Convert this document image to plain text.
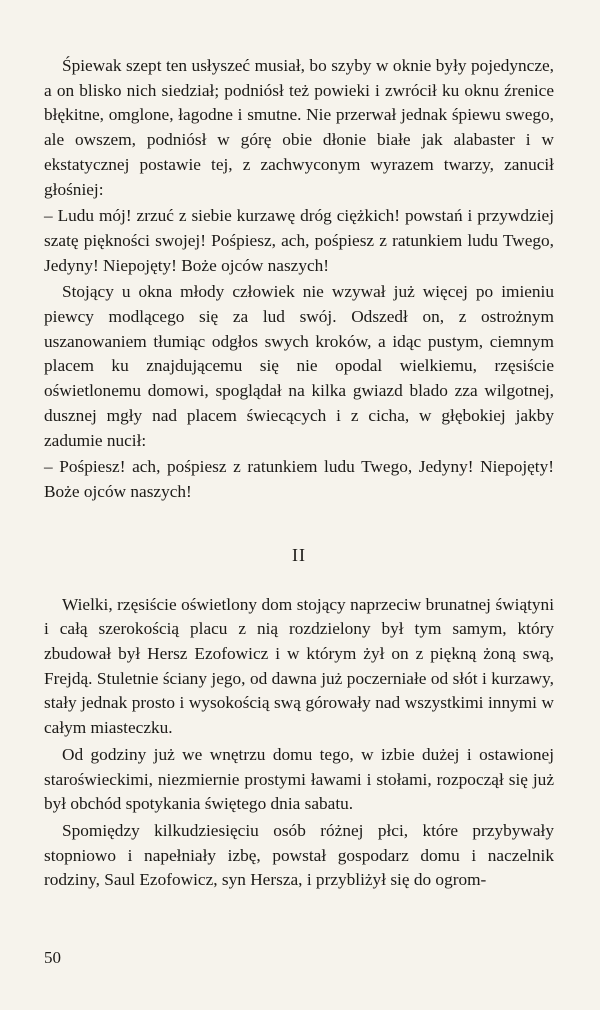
Śpiewak szept ten usłyszeć musiał, bo szyby w oknie były pojedyncze, a on blisko nich siedział; podniósł też powieki i zwrócił ku oknu źrenice błękitne, omglone, łagodne i smutne. Nie przerwał jednak śpiewu swego, ale owszem, podniósł w górę obie dłonie białe jak alabaster i w ekstatycznej postawie tej, z zachwyconym wyrazem twarzy, zanucił głośniej:

– Ludu mój! zrzuć z siebie kurzawę dróg ciężkich! powstań i przywdziej szatę piękności swojej! Pośpiesz, ach, pośpiesz z ratunkiem ludu Twego, Jedyny! Niepojęty! Boże ojców naszych!

Stojący u okna młody człowiek nie wzywał już więcej po imieniu piewcy modlącego się za lud swój. Odszedł on, z ostrożnym uszanowaniem tłumiąc odgłos swych kroków, a idąc pustym, ciemnym placem ku znajdującemu się nie opodal wielkiemu, rzęsiście oświetlonemu domowi, spoglądał na kilka gwiazd blado zza wilgotnej, dusznej mgły nad placem świecących i z cicha, w głębokiej jakby zadumie nucił:

– Pośpiesz! ach, pośpiesz z ratunkiem ludu Twego, Jedyny! Niepojęty! Boże ojców naszych!

II

Wielki, rzęsiście oświetlony dom stojący naprzeciw brunatnej świątyni i całą szerokością placu z nią rozdzielony był tym samym, który zbudował był Hersz Ezofowicz i w którym żył on z piękną żoną swą, Frejdą. Stuletnie ściany jego, od dawna już poczerniałe od słót i kurzawy, stały jednak prosto i wysokością swą górowały nad wszystkimi innymi w całym miasteczku.

Od godziny już we wnętrzu domu tego, w izbie dużej i ostawionej staroświeckimi, niezmiernie prostymi ławami i stołami, rozpoczął się już był obchód spotykania świętego dnia sabatu.

Spomiędzy kilkudziesięciu osób różnej płci, które przybywały stopniowo i napełniały izbę, powstał gospodarz domu i naczelnik rodziny, Saul Ezofowicz, syn Hersza, i przybliżył się do ogrom-

50
